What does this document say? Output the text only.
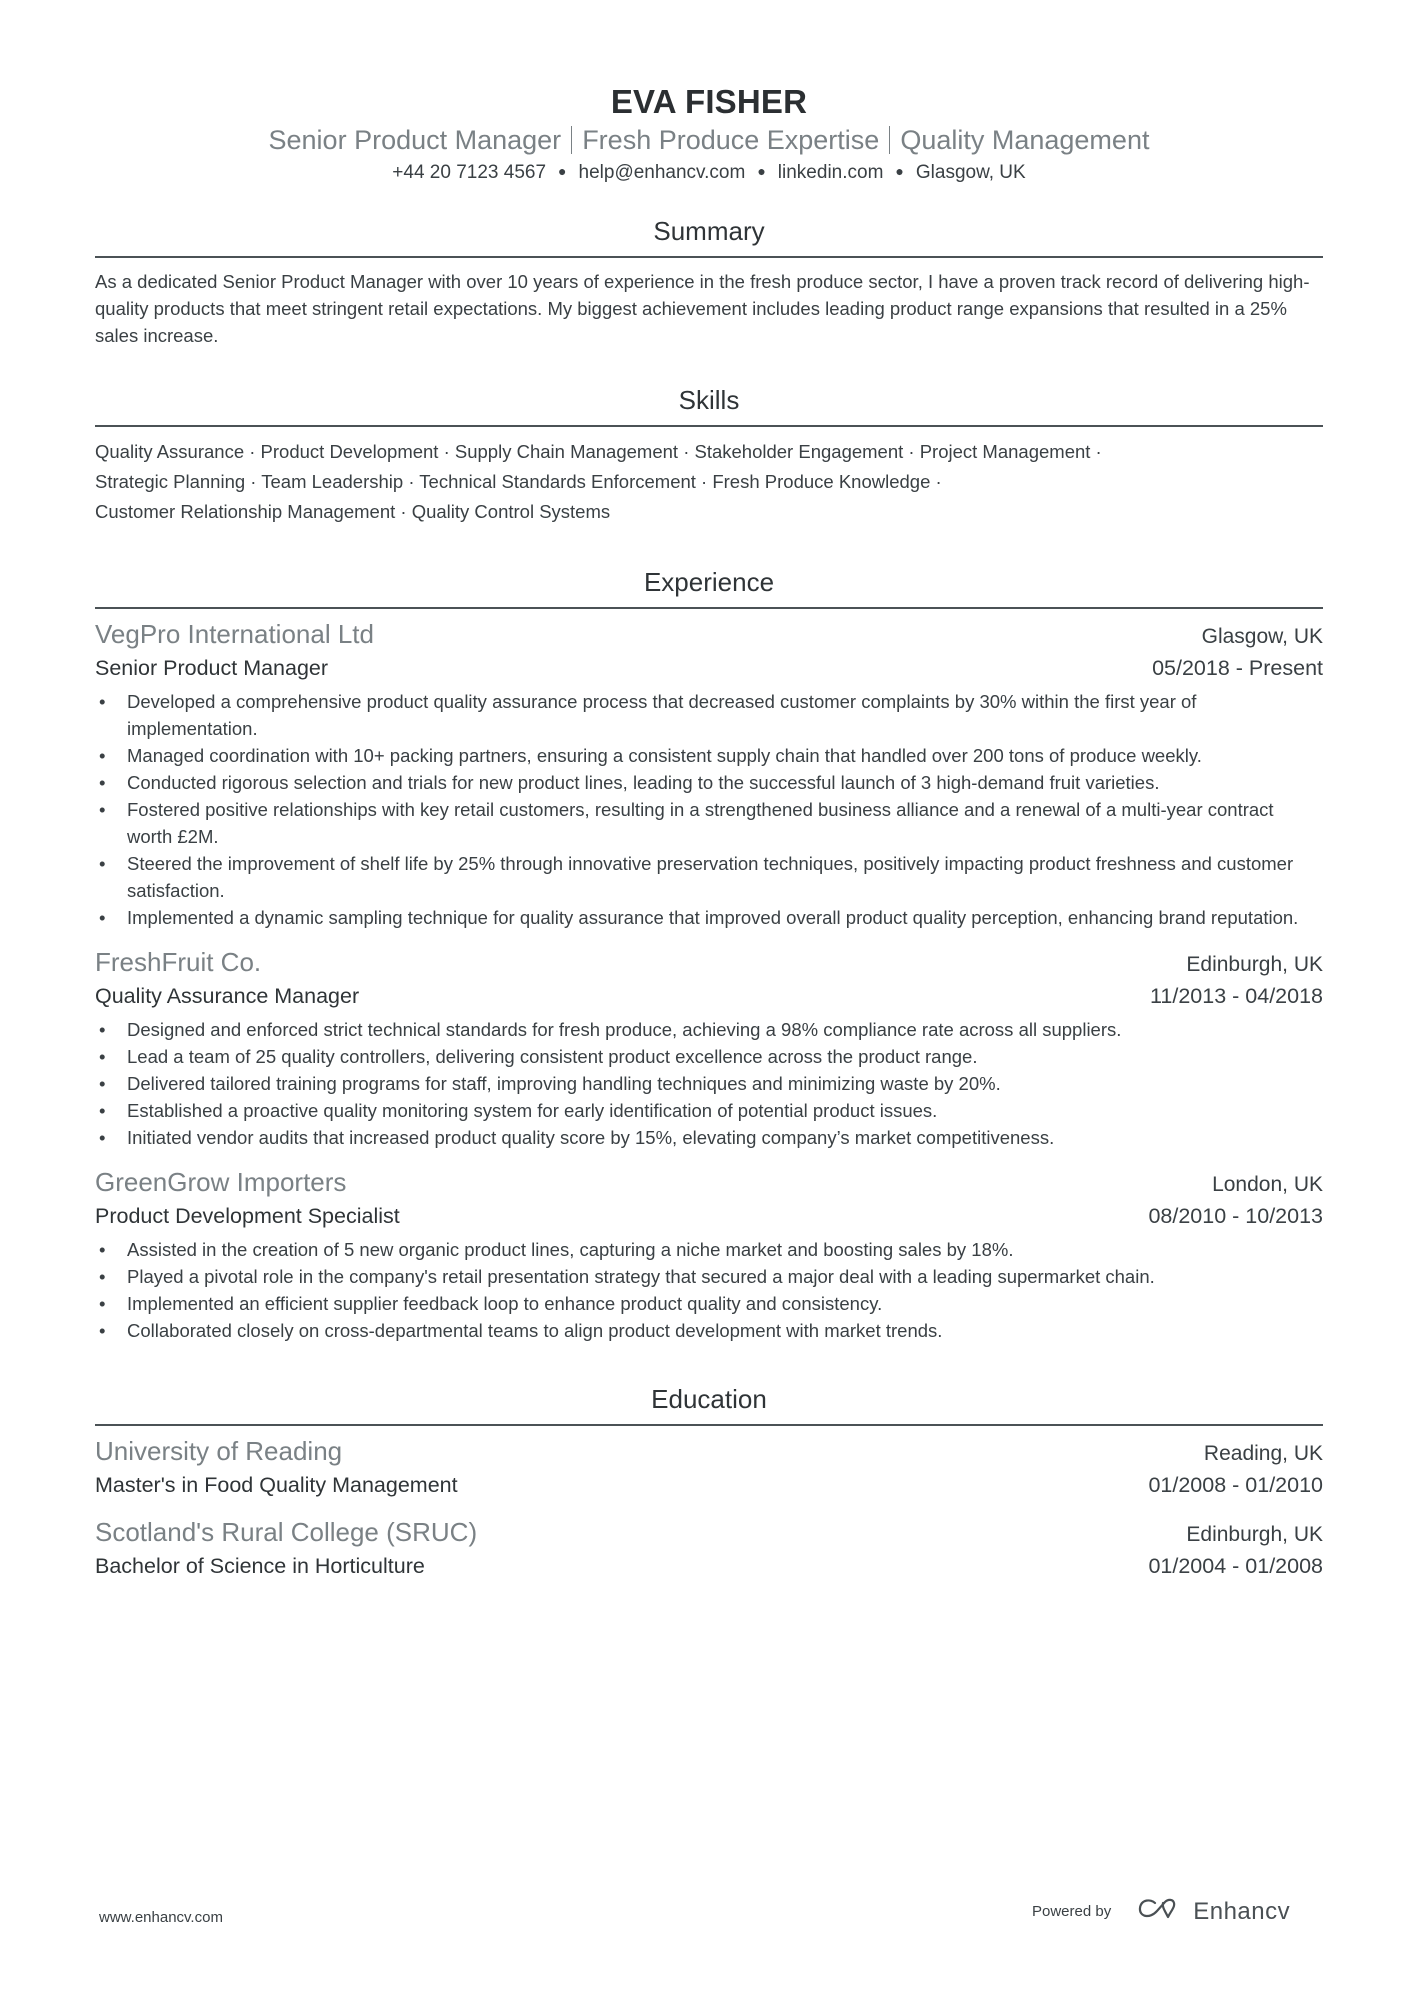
EVA FISHER
Senior Product Manager Fresh Produce Expertise Quality Management
+44 20 7123 4567 ● help@enhancv.com ● linkedin.com ● Glasgow, UK
Summary
As a dedicated Senior Product Manager with over 10 years of experience in the fresh produce sector, I have a proven track record of delivering high-quality products that meet stringent retail expectations. My biggest achievement includes leading product range expansions that resulted in a 25% sales increase.
Skills
Quality Assurance · Product Development · Supply Chain Management · Stakeholder Engagement · Project Management ·
Strategic Planning · Team Leadership · Technical Standards Enforcement · Fresh Produce Knowledge ·
Customer Relationship Management · Quality Control Systems
Experience
VegPro International Ltd	Glasgow, UK
Senior Product Manager	05/2018 - Present
• Developed a comprehensive product quality assurance process that decreased customer complaints by 30% within the first year of implementation.
• Managed coordination with 10+ packing partners, ensuring a consistent supply chain that handled over 200 tons of produce weekly.
• Conducted rigorous selection and trials for new product lines, leading to the successful launch of 3 high-demand fruit varieties.
• Fostered positive relationships with key retail customers, resulting in a strengthened business alliance and a renewal of a multi-year contract worth £2M.
• Steered the improvement of shelf life by 25% through innovative preservation techniques, positively impacting product freshness and customer satisfaction.
• Implemented a dynamic sampling technique for quality assurance that improved overall product quality perception, enhancing brand reputation.
FreshFruit Co.	Edinburgh, UK
Quality Assurance Manager	11/2013 - 04/2018
• Designed and enforced strict technical standards for fresh produce, achieving a 98% compliance rate across all suppliers.
• Lead a team of 25 quality controllers, delivering consistent product excellence across the product range.
• Delivered tailored training programs for staff, improving handling techniques and minimizing waste by 20%.
• Established a proactive quality monitoring system for early identification of potential product issues.
• Initiated vendor audits that increased product quality score by 15%, elevating company’s market competitiveness.
GreenGrow Importers	London, UK
Product Development Specialist	08/2010 - 10/2013
• Assisted in the creation of 5 new organic product lines, capturing a niche market and boosting sales by 18%.
• Played a pivotal role in the company's retail presentation strategy that secured a major deal with a leading supermarket chain.
• Implemented an efficient supplier feedback loop to enhance product quality and consistency.
• Collaborated closely on cross-departmental teams to align product development with market trends.
Education
University of Reading	Reading, UK
Master's in Food Quality Management	01/2008 - 01/2010
Scotland's Rural College (SRUC)	Edinburgh, UK
Bachelor of Science in Horticulture	01/2004 - 01/2008
www.enhancv.com	Powered by	Enhancv
